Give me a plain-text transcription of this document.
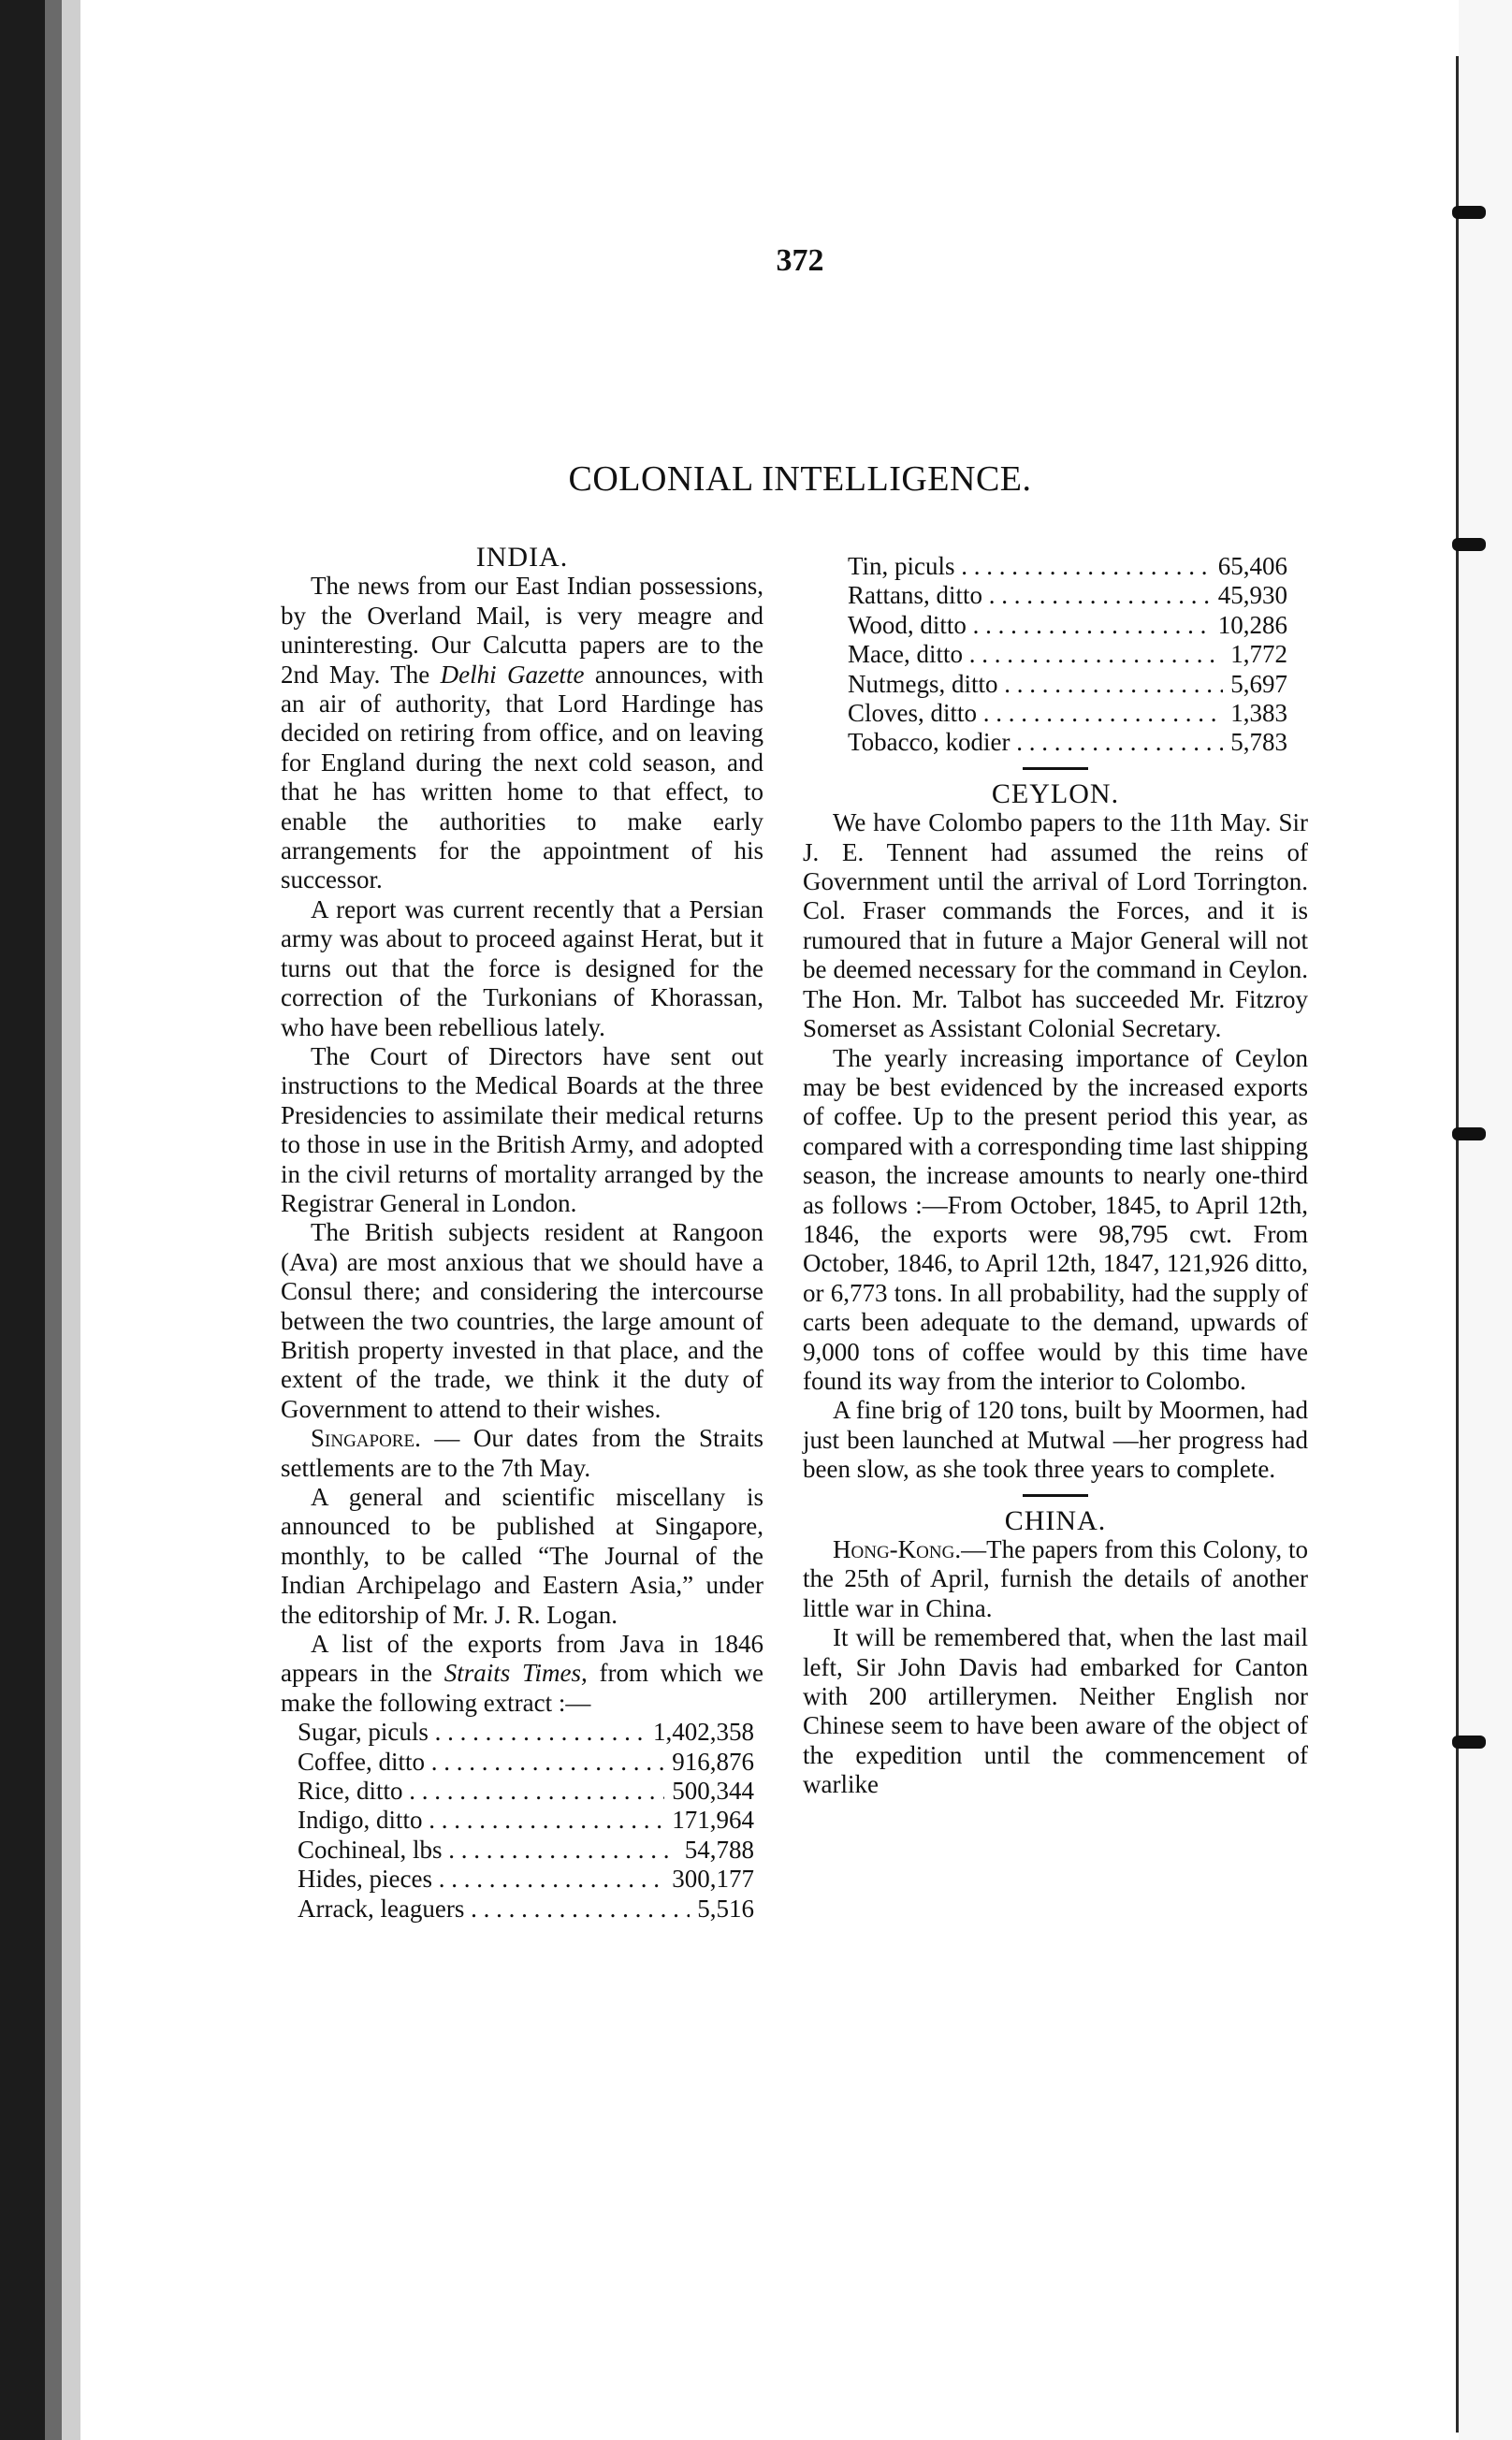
372
COLONIAL INTELLIGENCE.
INDIA.

The news from our East Indian possessions, by the Overland Mail, is very meagre and uninteresting. Our Calcutta papers are to the 2nd May. The Delhi Gazette announces, with an air of authority, that Lord Hardinge has decided on retiring from office, and on leaving for England during the next cold season, and that he has written home to that effect, to enable the authorities to make early arrangements for the appointment of his successor.

A report was current recently that a Persian army was about to proceed against Herat, but it turns out that the force is designed for the correction of the Turkonians of Khorassan, who have been rebellious lately.

The Court of Directors have sent out instructions to the Medical Boards at the three Presidencies to assimilate their medical returns to those in use in the British Army, and adopted in the civil returns of mortality arranged by the Registrar General in London.

The British subjects resident at Rangoon (Ava) are most anxious that we should have a Consul there; and considering the intercourse between the two countries, the large amount of British property invested in that place, and the extent of the trade, we think it the duty of Government to attend to their wishes.

Singapore. — Our dates from the Straits settlements are to the 7th May.

A general and scientific miscellany is announced to be published at Singapore, monthly, to be called “The Journal of the Indian Archipelago and Eastern Asia,” under the editorship of Mr. J. R. Logan.

A list of the exports from Java in 1846 appears in the Straits Times, from which we make the following extract :—

Sugar, piculs . . .	1,402,358
Coffee, ditto . . .	916,876
Rice, ditto . . .	500,344
Indigo, ditto . . .	171,964
Cochineal, lbs . . .	54,788
Hides, pieces . . .	300,177
Arrack, leaguers . . .	5,516
Tin, piculs . . .	65,406
Rattans, ditto . . .	45,930
Wood, ditto . . .	10,286
Mace, ditto . . .	1,772
Nutmegs, ditto . . .	5,697
Cloves, ditto . . .	1,383
Tobacco, kodier . . .	5,783
CEYLON.

We have Colombo papers to the 11th May. Sir J. E. Tennent had assumed the reins of Government until the arrival of Lord Torrington. Col. Fraser commands the Forces, and it is rumoured that in future a Major General will not be deemed necessary for the command in Ceylon. The Hon. Mr. Talbot has succeeded Mr. Fitzroy Somerset as Assistant Colonial Secretary.

The yearly increasing importance of Ceylon may be best evidenced by the increased exports of coffee. Up to the present period this year, as compared with a corresponding time last shipping season, the increase amounts to nearly one-third as follows :—From October, 1845, to April 12th, 1846, the exports were 98,795 cwt. From October, 1846, to April 12th, 1847, 121,926 ditto, or 6,773 tons. In all probability, had the supply of carts been adequate to the demand, upwards of 9,000 tons of coffee would by this time have found its way from the interior to Colombo.

A fine brig of 120 tons, built by Moormen, had just been launched at Mutwal —her progress had been slow, as she took three years to complete.

CHINA.

Hong-Kong.—The papers from this Colony, to the 25th of April, furnish the details of another little war in China.

It will be remembered that, when the last mail left, Sir John Davis had embarked for Canton with 200 artillerymen. Neither English nor Chinese seem to have been aware of the object of the expedition until the commencement of warlike
